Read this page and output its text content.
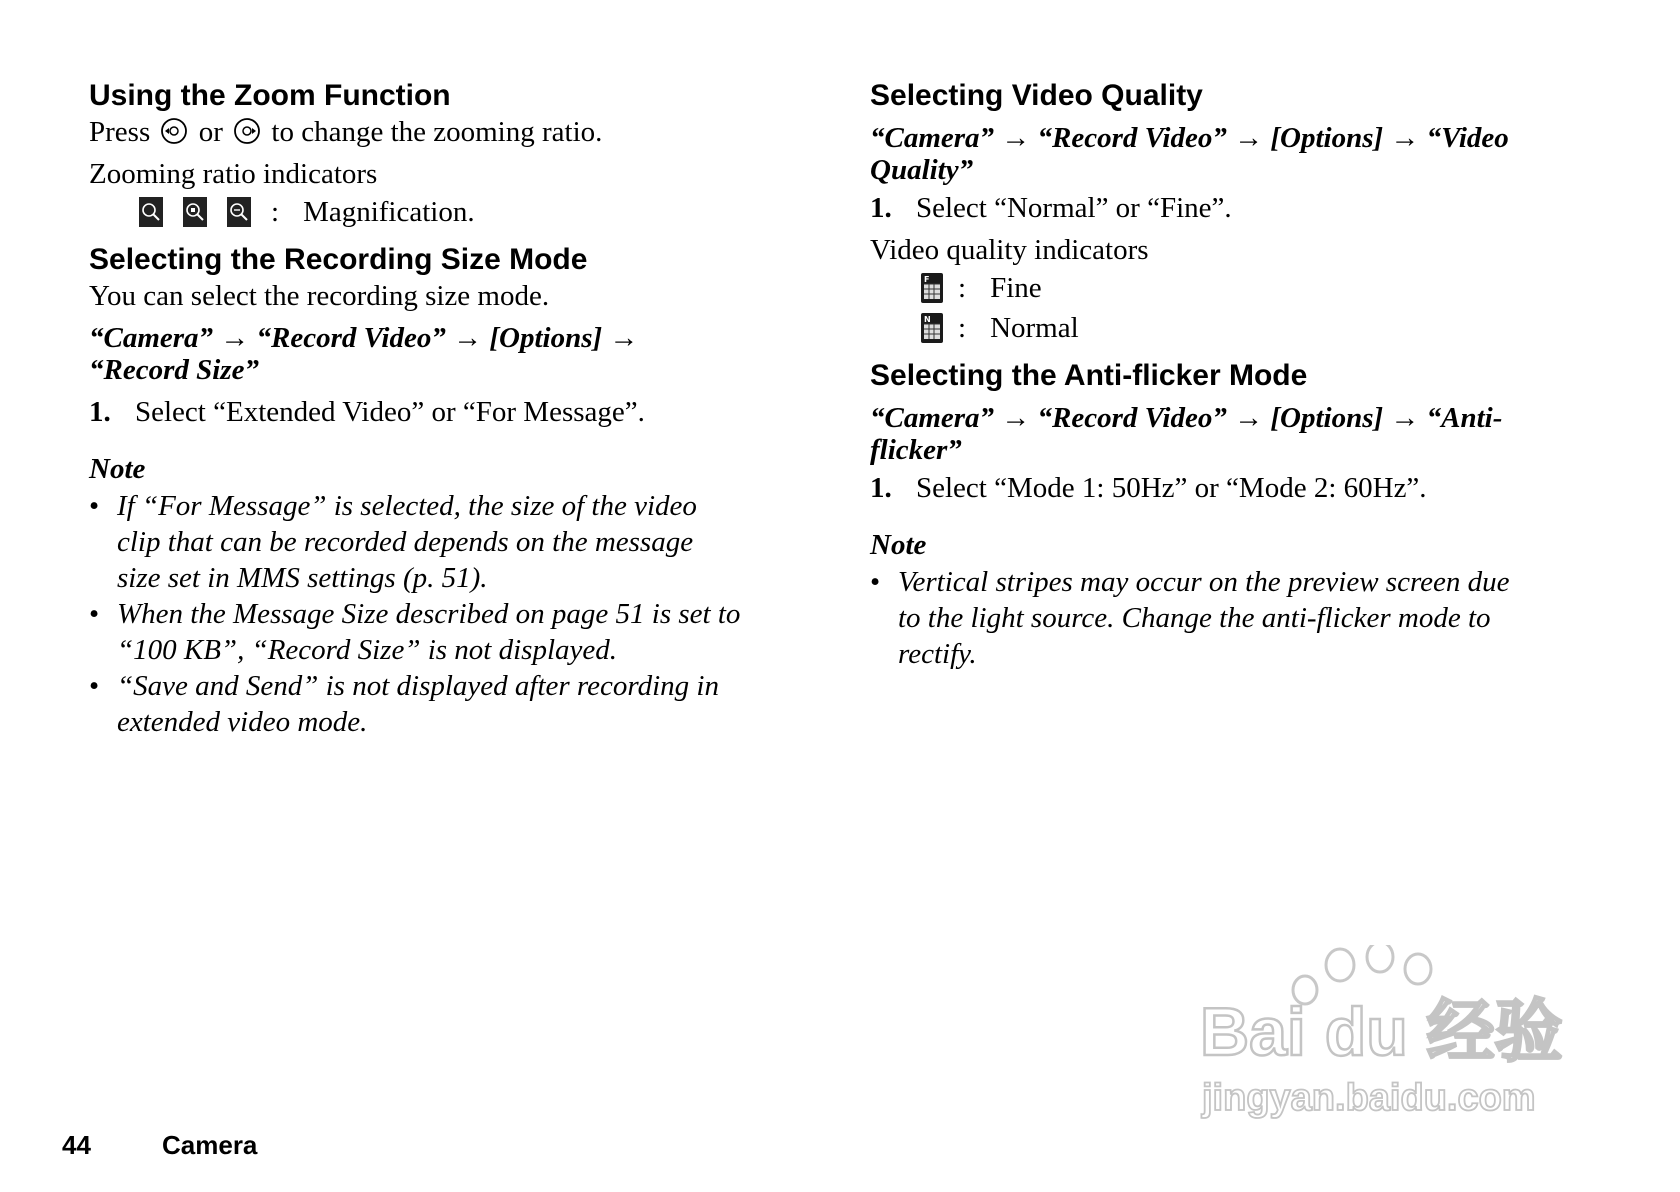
Using the Zoom Function

Press or to change the zooming ratio.

Zooming ratio indicators

: Magnification.
Selecting the Recording Size Mode

You can select the recording size mode.

“Camera” → “Record Video” → [Options] →
“Record Size”

1. Select “Extended Video” or “For Message”.

Note
• If “For Message” is selected, the size of the video
clip that can be recorded depends on the message
size set in MMS settings (p. 51).
• When the Message Size described on page 51 is set to
“100 KB”, “Record Size” is not displayed.
• “Save and Send” is not displayed after recording in
extended video mode.
Selecting Video Quality
“Camera” → “Record Video” → [Options] → “Video
Quality”

1. Select “Normal” or “Fine”.

Video quality indicators

F : Fine
N : Normal
Selecting the Anti-flicker Mode
“Camera” → “Record Video” → [Options] → “Anti-
flicker”

1. Select “Mode 1: 50Hz” or “Mode 2: 60Hz”.

Note
• Vertical stripes may occur on the preview screen due
to the light source. Change the anti-flicker mode to
rectify.
44	Camera
Bai du 经验
jingyan.baidu.com
